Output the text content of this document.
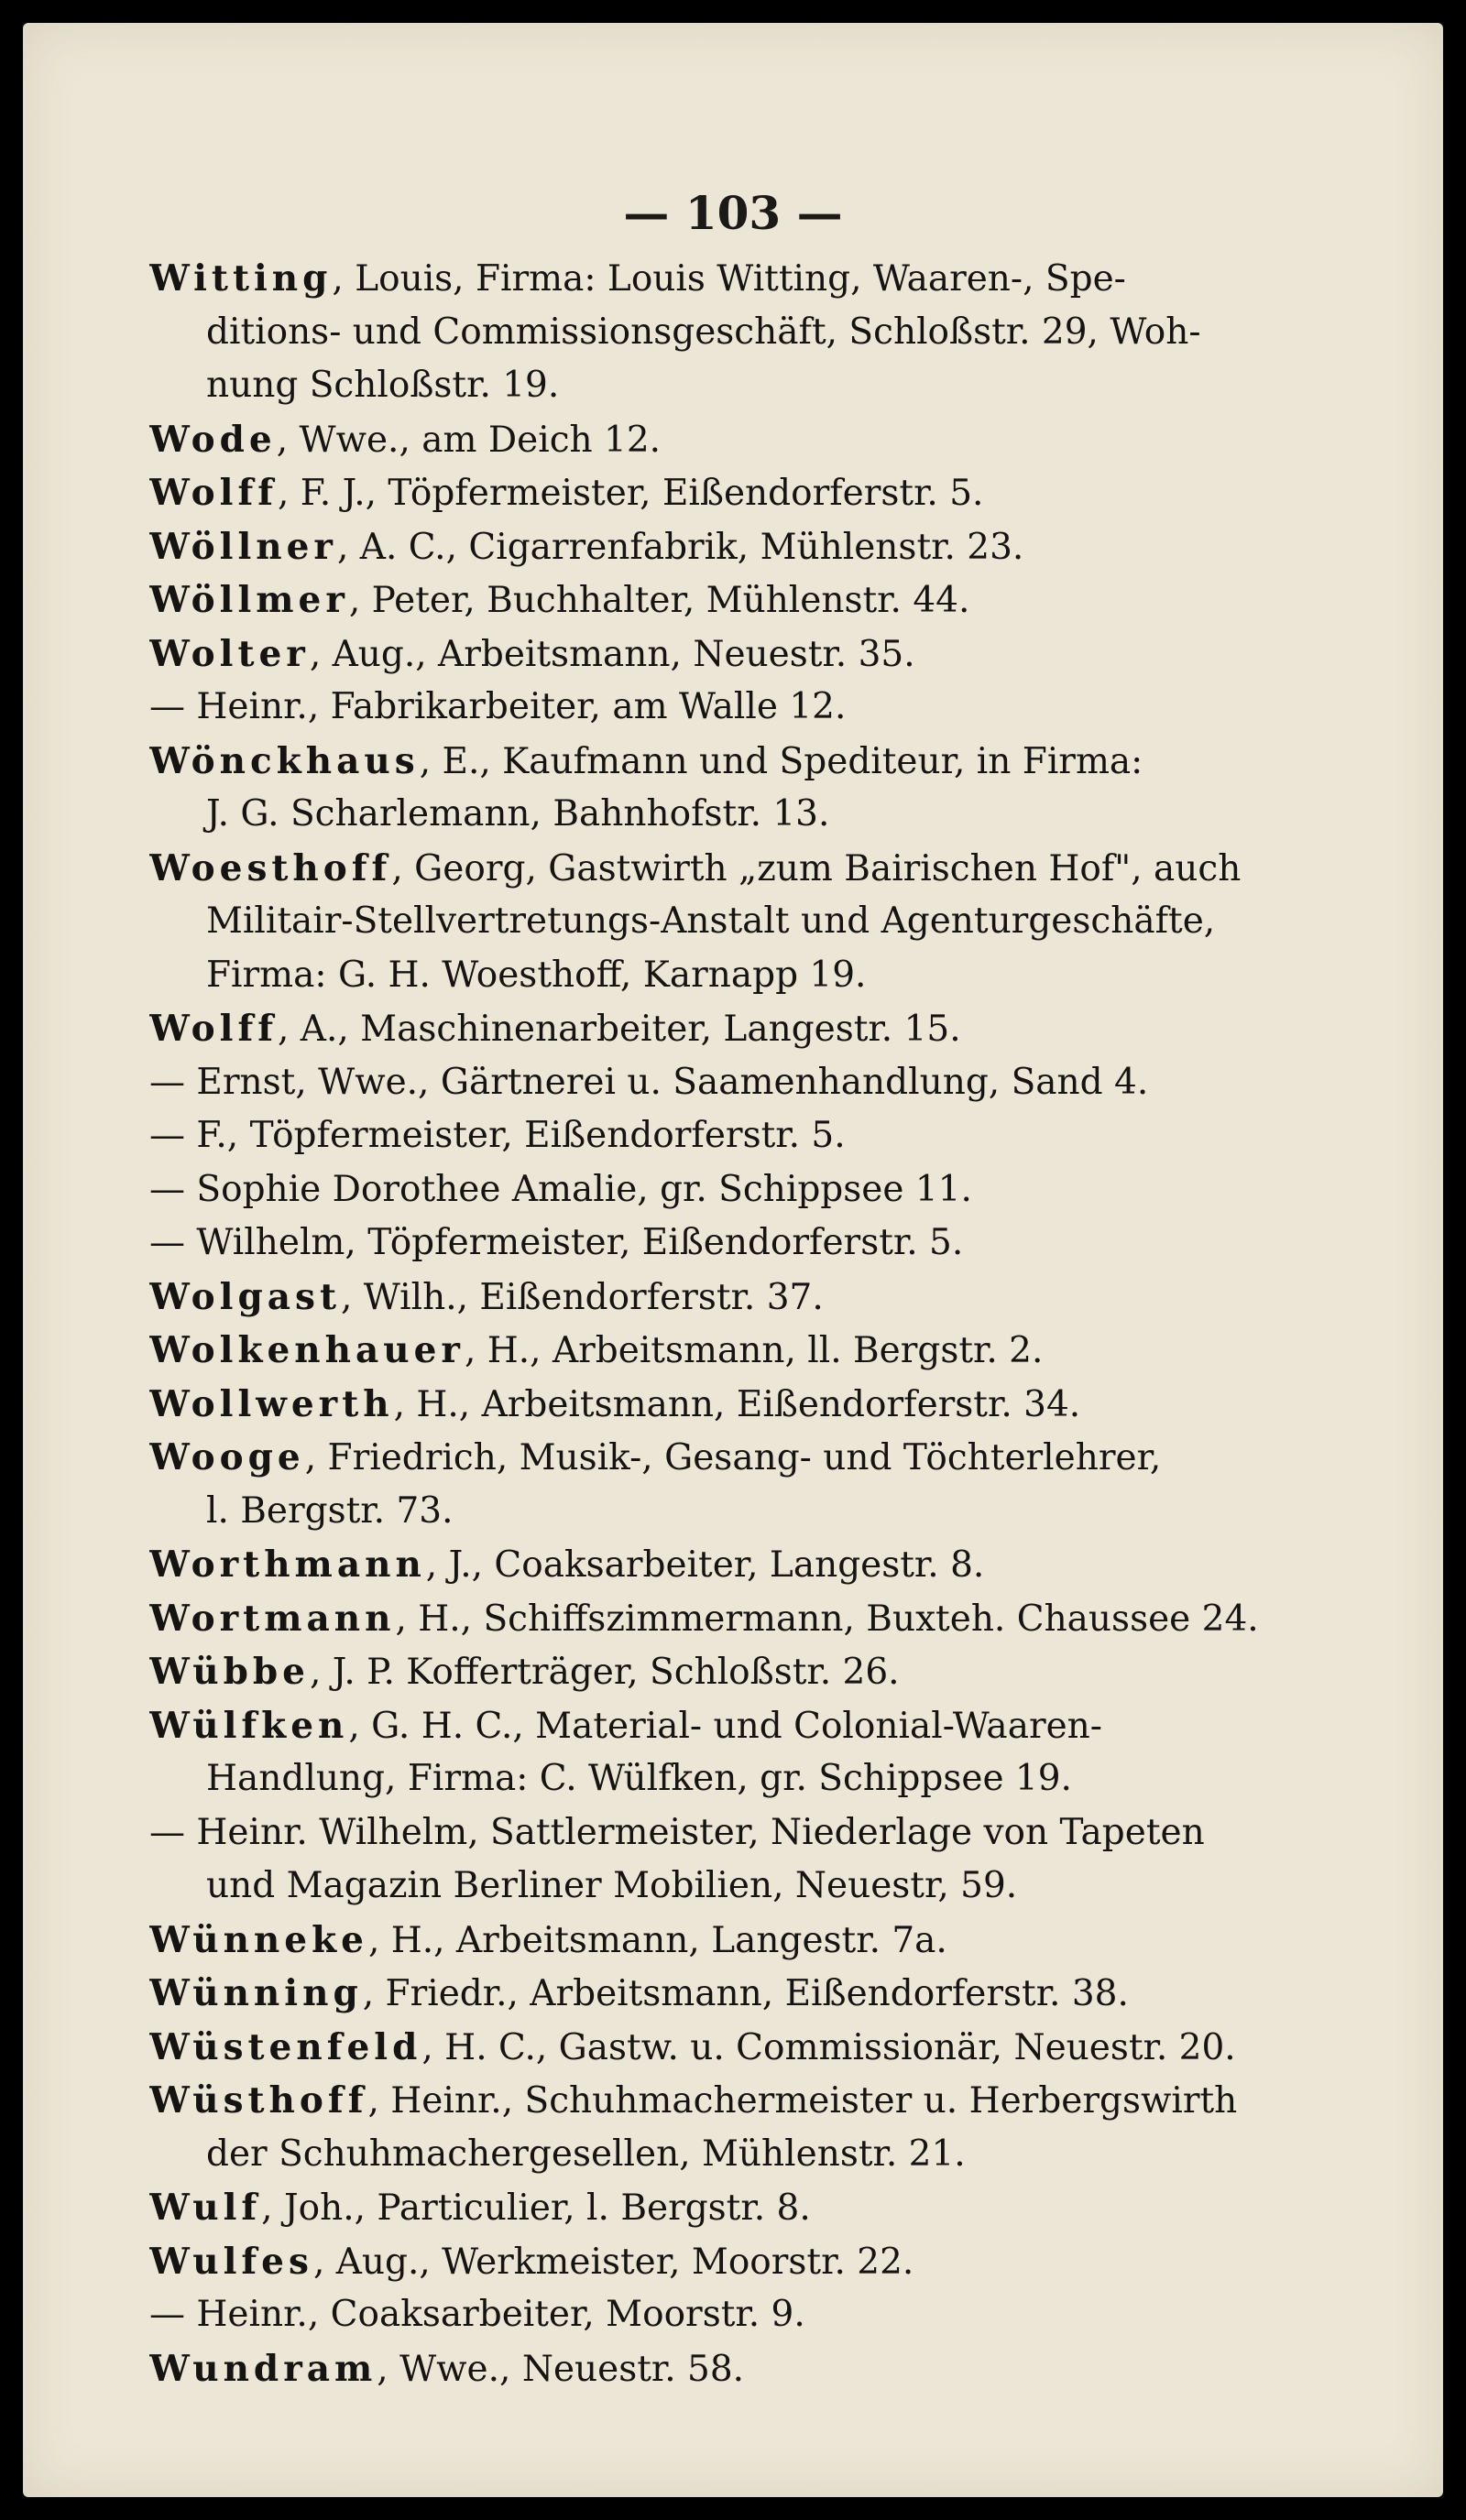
— 103 —
Witting, Louis, Firma: Louis Witting, Waaren-, Spe-
ditions- und Commissionsgeschäft, Schloßstr. 29, Woh-
nung Schloßstr. 19.
Wode, Wwe., am Deich 12.
Wolff, F. J., Töpfermeister, Eißendorferstr. 5.
Wöllner, A. C., Cigarrenfabrik, Mühlenstr. 23.
Wöllmer, Peter, Buchhalter, Mühlenstr. 44.
Wolter, Aug., Arbeitsmann, Neuestr. 35.
— Heinr., Fabrikarbeiter, am Walle 12.
Wönckhaus, E., Kaufmann und Spediteur, in Firma:
J. G. Scharlemann, Bahnhofstr. 13.
Woesthoff, Georg, Gastwirth „zum Bairischen Hof", auch
Militair-Stellvertretungs-Anstalt und Agenturgeschäfte,
Firma: G. H. Woesthoff, Karnapp 19.
Wolff, A., Maschinenarbeiter, Langestr. 15.
— Ernst, Wwe., Gärtnerei u. Saamenhandlung, Sand 4.
— F., Töpfermeister, Eißendorferstr. 5.
— Sophie Dorothee Amalie, gr. Schippsee 11.
— Wilhelm, Töpfermeister, Eißendorferstr. 5.
Wolgast, Wilh., Eißendorferstr. 37.
Wolkenhauer, H., Arbeitsmann, ll. Bergstr. 2.
Wollwerth, H., Arbeitsmann, Eißendorferstr. 34.
Wooge, Friedrich, Musik-, Gesang- und Töchterlehrer,
l. Bergstr. 73.
Worthmann, J., Coaksarbeiter, Langestr. 8.
Wortmann, H., Schiffszimmermann, Buxteh. Chaussee 24.
Wübbe, J. P. Kofferträger, Schloßstr. 26.
Wülfken, G. H. C., Material- und Colonial-Waaren-
Handlung, Firma: C. Wülfken, gr. Schippsee 19.
— Heinr. Wilhelm, Sattlermeister, Niederlage von Tapeten
und Magazin Berliner Mobilien, Neuestr, 59.
Wünneke, H., Arbeitsmann, Langestr. 7a.
Wünning, Friedr., Arbeitsmann, Eißendorferstr. 38.
Wüstenfeld, H. C., Gastw. u. Commissionär, Neuestr. 20.
Wüsthoff, Heinr., Schuhmachermeister u. Herbergswirth
der Schuhmachergesellen, Mühlenstr. 21.
Wulf, Joh., Particulier, l. Bergstr. 8.
Wulfes, Aug., Werkmeister, Moorstr. 22.
— Heinr., Coaksarbeiter, Moorstr. 9.
Wundram, Wwe., Neuestr. 58.
